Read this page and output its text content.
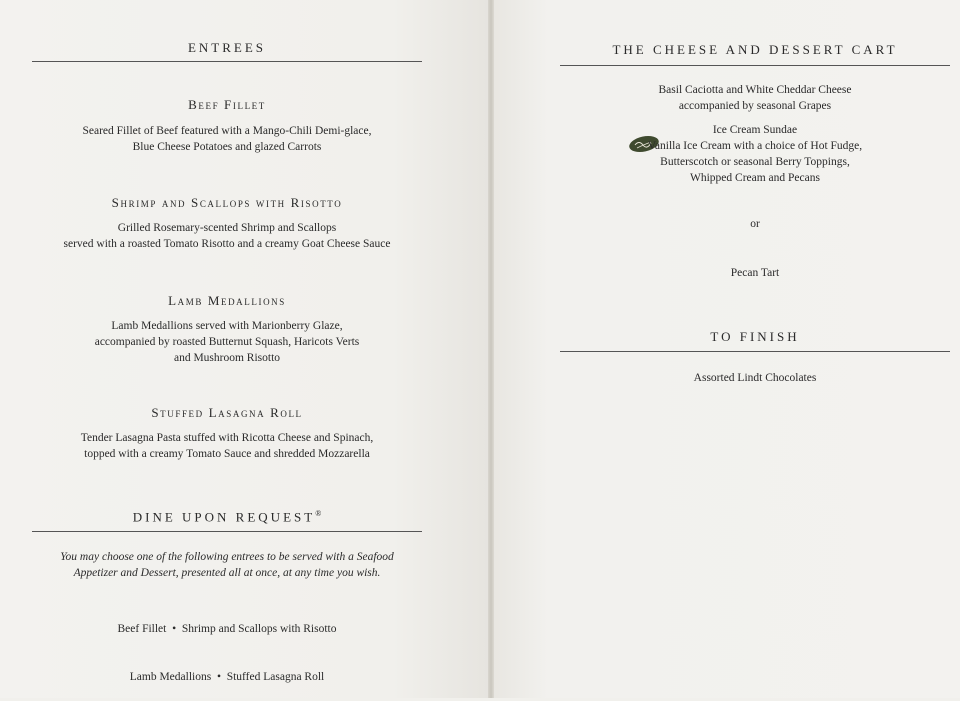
ENTREES
Beef Fillet
Seared Fillet of Beef featured with a Mango-Chili Demi-glace,
Blue Cheese Potatoes and glazed Carrots
Shrimp and Scallops with Risotto
Grilled Rosemary-scented Shrimp and Scallops
served with a roasted Tomato Risotto and a creamy Goat Cheese Sauce
Lamb Medallions
Lamb Medallions served with Marionberry Glaze,
accompanied by roasted Butternut Squash, Haricots Verts
and Mushroom Risotto
Stuffed Lasagna Roll
Tender Lasagna Pasta stuffed with Ricotta Cheese and Spinach,
topped with a creamy Tomato Sauce and shredded Mozzarella
DINE UPON REQUEST®
You may choose one of the following entrees to be served with a Seafood
Appetizer and Dessert, presented all at once, at any time you wish.

Beef Fillet  •  Shrimp and Scallops with Risotto

Lamb Medallions  •  Stuffed Lasagna Roll

THE CHEESE AND DESSERT CART
Basil Caciotta and White Cheddar Cheese
accompanied by seasonal Grapes
Ice Cream Sundae
Vanilla Ice Cream with a choice of Hot Fudge,
Butterscotch or seasonal Berry Toppings,
Whipped Cream and Pecans
or
Pecan Tart
TO FINISH
Assorted Lindt Chocolates
